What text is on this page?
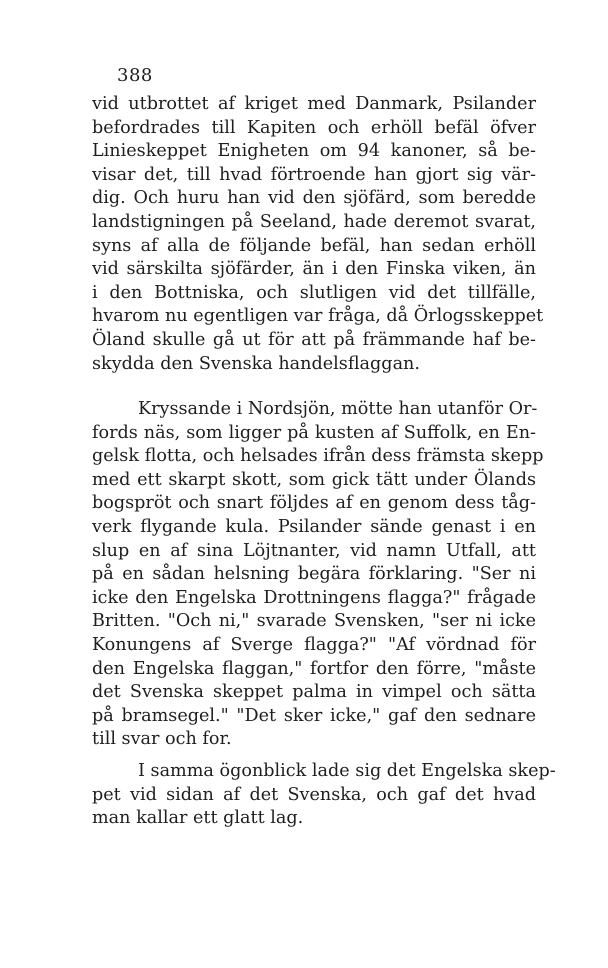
388
vid utbrottet af kriget med Danmark, Psilander
befordrades till Kapiten och erhöll befäl öfver
Linieskeppet Enigheten om 94 kanoner, så be-
visar det, till hvad förtroende han gjort sig vär-
dig. Och huru han vid den sjöfärd, som beredde
landstigningen på Seeland, hade deremot svarat,
syns af alla de följande befäl, han sedan erhöll
vid särskilta sjöfärder, än i den Finska viken, än
i den Bottniska, och slutligen vid det tillfälle,
hvarom nu egentligen var fråga, då Örlogsskeppet
Öland skulle gå ut för att på främmande haf be-
skydda den Svenska handelsflaggan.
Kryssande i Nordsjön, mötte han utanför Or-
fords näs, som ligger på kusten af Suffolk, en En-
gelsk flotta, och helsades ifrån dess främsta skepp
med ett skarpt skott, som gick tätt under Ölands
bogspröt och snart följdes af en genom dess tåg-
verk flygande kula. Psilander sände genast i en
slup en af sina Löjtnanter, vid namn Utfall, att
på en sådan helsning begära förklaring. "Ser ni
icke den Engelska Drottningens flagga?" frågade
Britten. "Och ni," svarade Svensken, "ser ni icke
Konungens af Sverge flagga?" "Af vördnad för
den Engelska flaggan," fortfor den förre, "måste
det Svenska skeppet palma in vimpel och sätta
på bramsegel." "Det sker icke," gaf den sednare
till svar och for.
I samma ögonblick lade sig det Engelska skep-
pet vid sidan af det Svenska, och gaf det hvad
man kallar ett glatt lag.
